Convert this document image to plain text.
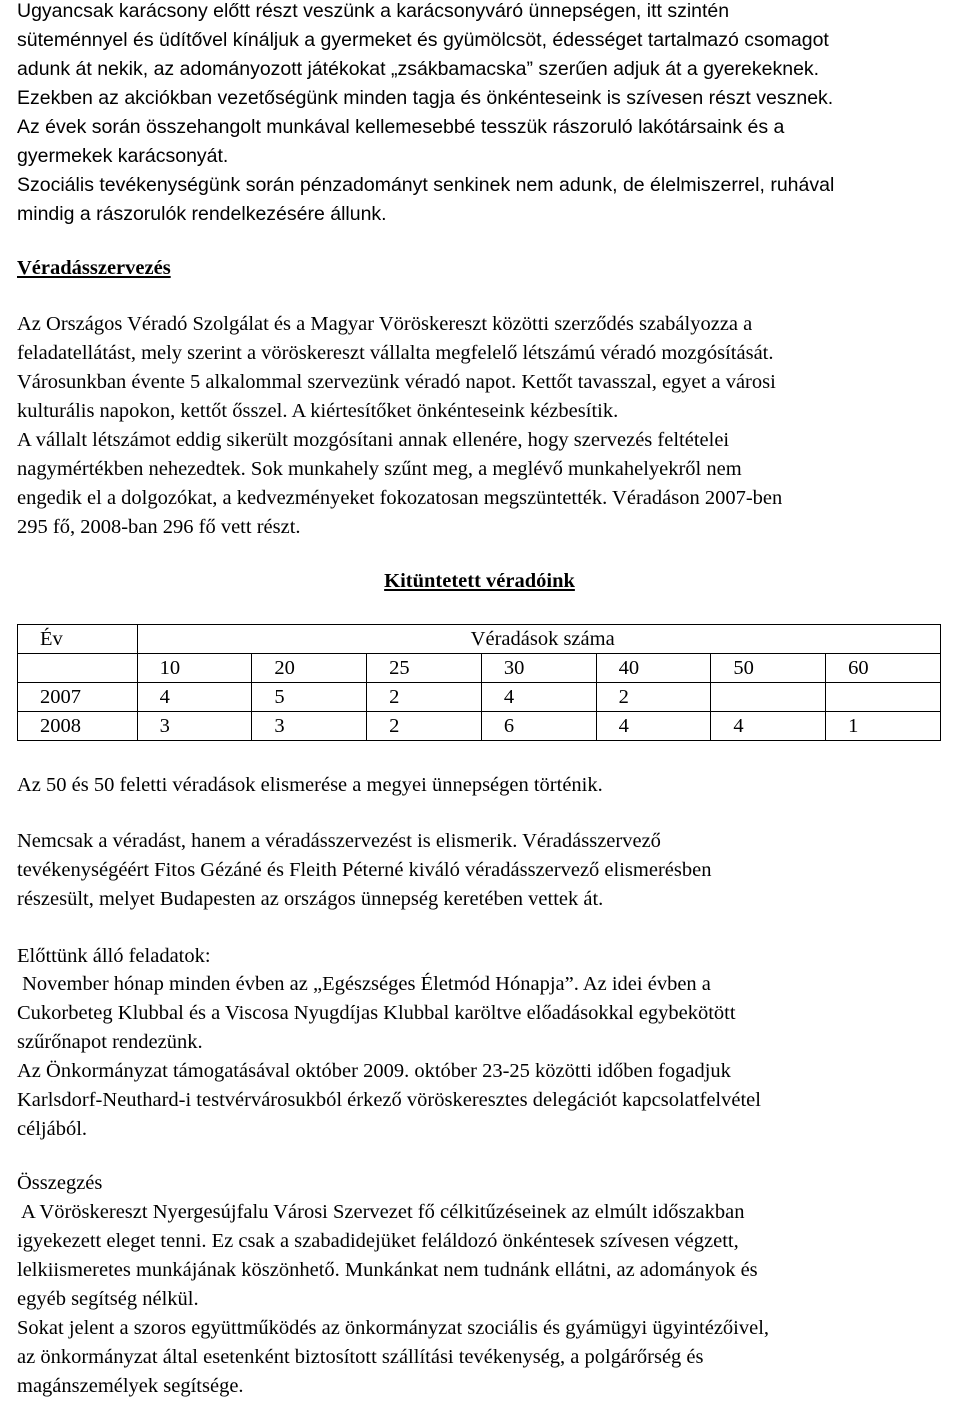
Ugyancsak karácsony előtt részt veszünk a karácsonyváró ünnepségen, itt szintén

süteménnyel és üdítővel kínáljuk a gyermeket és gyümölcsöt, édességet tartalmazó csomagot

adunk át nekik, az adományozott játékokat „zsákbamacska” szerűen adjuk át a gyerekeknek.

Ezekben az akciókban vezetőségünk minden tagja és önkénteseink is szívesen részt vesznek.

Az évek során összehangolt munkával kellemesebbé tesszük rászoruló lakótársaink és a

gyermekek karácsonyát.

Szociális tevékenységünk során pénzadományt senkinek nem adunk, de élelmiszerrel, ruhával

mindig a rászorulók rendelkezésére állunk.

Véradásszervezés

Az Országos Véradó Szolgálat és a Magyar Vöröskereszt közötti szerződés szabályozza a

feladatellátást, mely szerint a vöröskereszt vállalta megfelelő létszámú véradó mozgósítását.

Városunkban évente 5 alkalommal szervezünk véradó napot. Kettőt tavasszal, egyet a városi

kulturális napokon, kettőt ősszel. A kiértesítőket önkénteseink kézbesítik.

A vállalt létszámot eddig sikerült mozgósítani annak ellenére, hogy szervezés feltételei

nagymértékben nehezedtek. Sok munkahely szűnt meg, a meglévő munkahelyekről nem

engedik el a dolgozókat, a kedvezményeket fokozatosan megszüntették. Véradáson 2007-ben

295 fő, 2008-ban 296 fő vett részt.

Kitüntetett véradóink
Év	Véradások száma						
	10	20	25	30	40	50	60
2007	4	5	2	4	2		
2008	3	3	2	6	4	4	1
Az 50 és 50 feletti véradások elismerése a megyei ünnepségen történik.

Nemcsak a véradást, hanem a véradásszervezést is elismerik. Véradásszervező

tevékenységéért Fitos Gézáné és Fleith Péterné kiváló véradásszervező elismerésben

részesült, melyet Budapesten az országos ünnepség keretében vettek át.

Előttünk álló feladatok:

November hónap minden évben az „Egészséges Életmód Hónapja”. Az idei évben a

Cukorbeteg Klubbal és a Viscosa Nyugdíjas Klubbal karöltve előadásokkal egybekötött

szűrőnapot rendezünk.

Az Önkormányzat támogatásával október 2009. október 23-25 közötti időben fogadjuk

Karlsdorf-Neuthard-i testvérvárosukból érkező vöröskeresztes delegációt kapcsolatfelvétel

céljából.

Összegzés

A Vöröskereszt Nyergesújfalu Városi Szervezet fő célkitűzéseinek az elmúlt időszakban

igyekezett eleget tenni. Ez csak a szabadidejüket feláldozó önkéntesek szívesen végzett,

lelkiismeretes munkájának köszönhető. Munkánkat nem tudnánk ellátni, az adományok és

egyéb segítség nélkül.

Sokat jelent a szoros együttműködés az önkormányzat szociális és gyámügyi ügyintézőivel,

az önkormányzat által esetenként biztosított szállítási tevékenység, a polgárőrség és

magánszemélyek segítsége.
